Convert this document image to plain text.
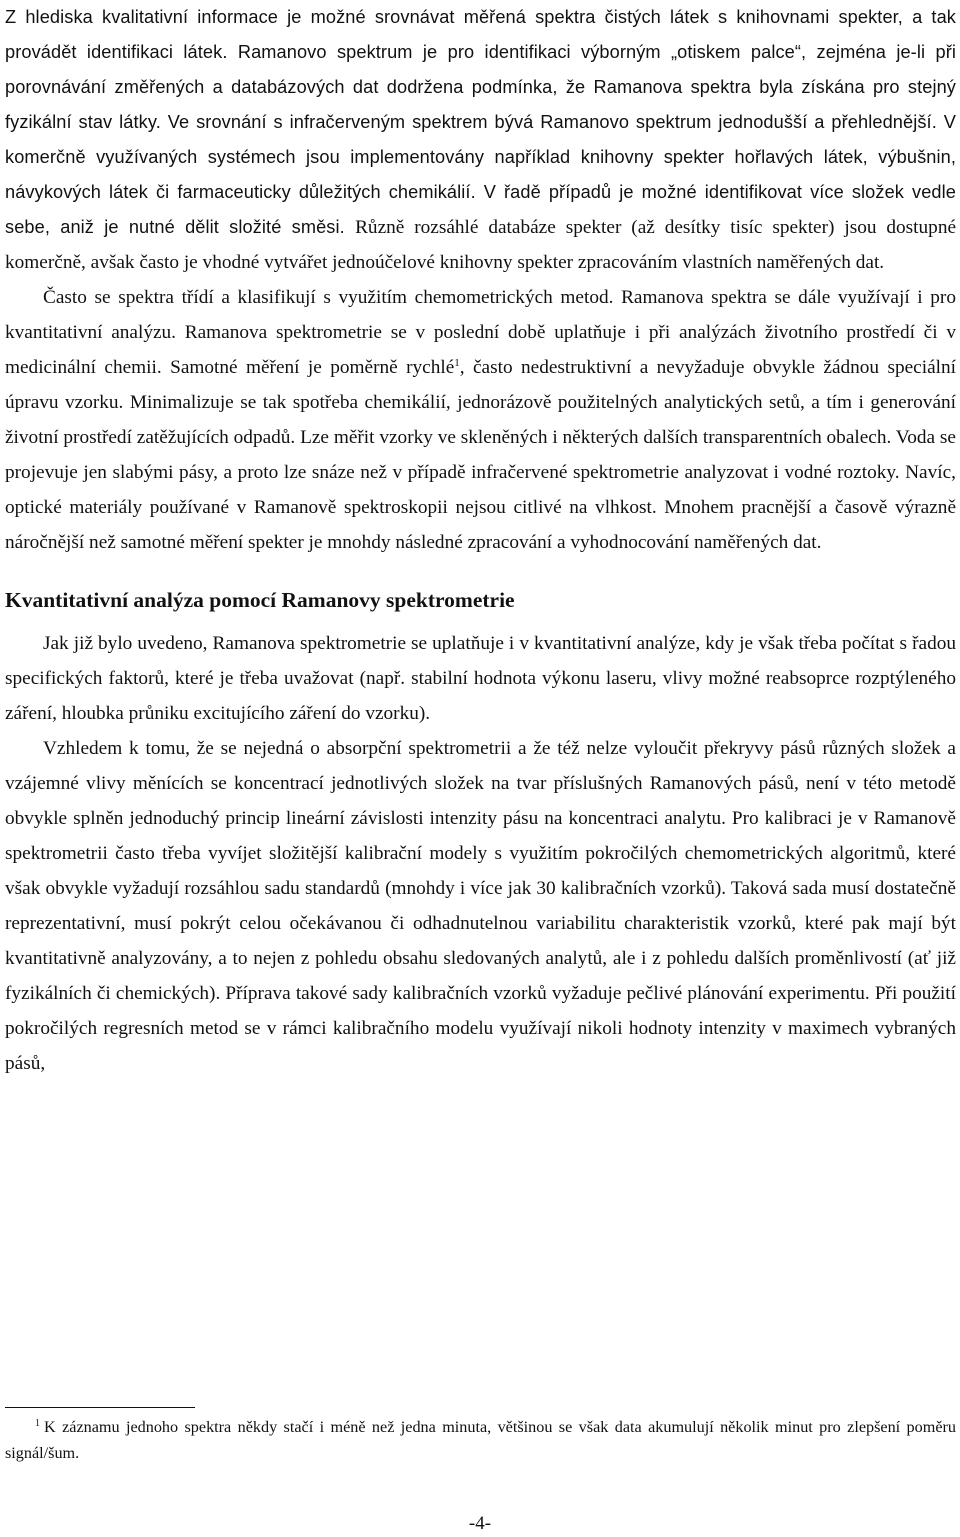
Z hlediska kvalitativní informace je možné srovnávat měřená spektra čistých látek s knihovnami spekter, a tak provádět identifikaci látek. Ramanovo spektrum je pro identifikaci výborným „otiskem palce“, zejména je-li při porovnávání změřených a databázových dat dodržena podmínka, že Ramanova spektra byla získána pro stejný fyzikální stav látky. Ve srovnání s infračerveným spektrem bývá Ramanovo spektrum jednodušší a přehlednější. V komerčně využívaných systémech jsou implementovány například knihovny spekter hořlavých látek, výbušnin, návykových látek či farmaceuticky důležitých chemikálií. V řadě případů je možné identifikovat více složek vedle sebe, aniž je nutné dělit složité směsi. Různě rozsáhlé databáze spekter (až desítky tisíc spekter) jsou dostupné komerčně, avšak často je vhodné vytvářet jednoúčelové knihovny spekter zpracováním vlastních naměřených dat.

Často se spektra třídí a klasifikují s využitím chemometrických metod. Ramanova spektra se dále využívají i pro kvantitativní analýzu. Ramanova spektrometrie se v poslední době uplatňuje i při analýzách životního prostředí či v medicinální chemii. Samotné měření je poměrně rychlé$^1$, často nedestruktivní a nevyžaduje obvykle žádnou speciální úpravu vzorku. Minimalizuje se tak spotřeba chemikálií, jednorázově použitelných analytických setů, a tím i generování životní prostředí zatěžujících odpadů. Lze měřit vzorky ve skleněných i některých dalších transparentních obalech. Voda se projevuje jen slabými pásy, a proto lze snáze než v případě infračervené spektrometrie analyzovat i vodné roztoky. Navíc, optické materiály používané v Ramanově spektroskopii nejsou citlivé na vlhkost. Mnohem pracnější a časově výrazně náročnější než samotné měření spekter je mnohdy následné zpracování a vyhodnocování naměřených dat.

Kvantitativní analýza pomocí Ramanovy spektrometrie

Jak již bylo uvedeno, Ramanova spektrometrie se uplatňuje i v kvantitativní analýze, kdy je však třeba počítat s řadou specifických faktorů, které je třeba uvažovat (např. stabilní hodnota výkonu laseru, vlivy možné reabsoprce rozptýleného záření, hloubka průniku excitujícího záření do vzorku).

Vzhledem k tomu, že se nejedná o absorpční spektrometrii a že též nelze vyloučit překryvy pásů různých složek a vzájemné vlivy měnících se koncentrací jednotlivých složek na tvar příslušných Ramanových pásů, není v této metodě obvykle splněn jednoduchý princip lineární závislosti intenzity pásu na koncentraci analytu. Pro kalibraci je v Ramanově spektrometrii často třeba vyvíjet složitější kalibrační modely s využitím pokročilých chemometrických algoritmů, které však obvykle vyžadují rozsáhlou sadu standardů (mnohdy i více jak 30 kalibračních vzorků). Taková sada musí dostatečně reprezentativní, musí pokrýt celou očekávanou či odhadnutelnou variabilitu charakteristik vzorků, které pak mají být kvantitativně analyzovány, a to nejen z pohledu obsahu sledovaných analytů, ale i z pohledu dalších proměnlivostí (ať již fyzikálních či chemických). Příprava takové sady kalibračních vzorků vyžaduje pečlivé plánování experimentu. Při použití pokročilých regresních metod se v rámci kalibračního modelu využívají nikoli hodnoty intenzity v maximech vybraných pásů,

$^1$ K záznamu jednoho spektra někdy stačí i méně než jedna minuta, většinou se však data akumulují několik minut pro zlepšení poměru signál/šum.

-4-
